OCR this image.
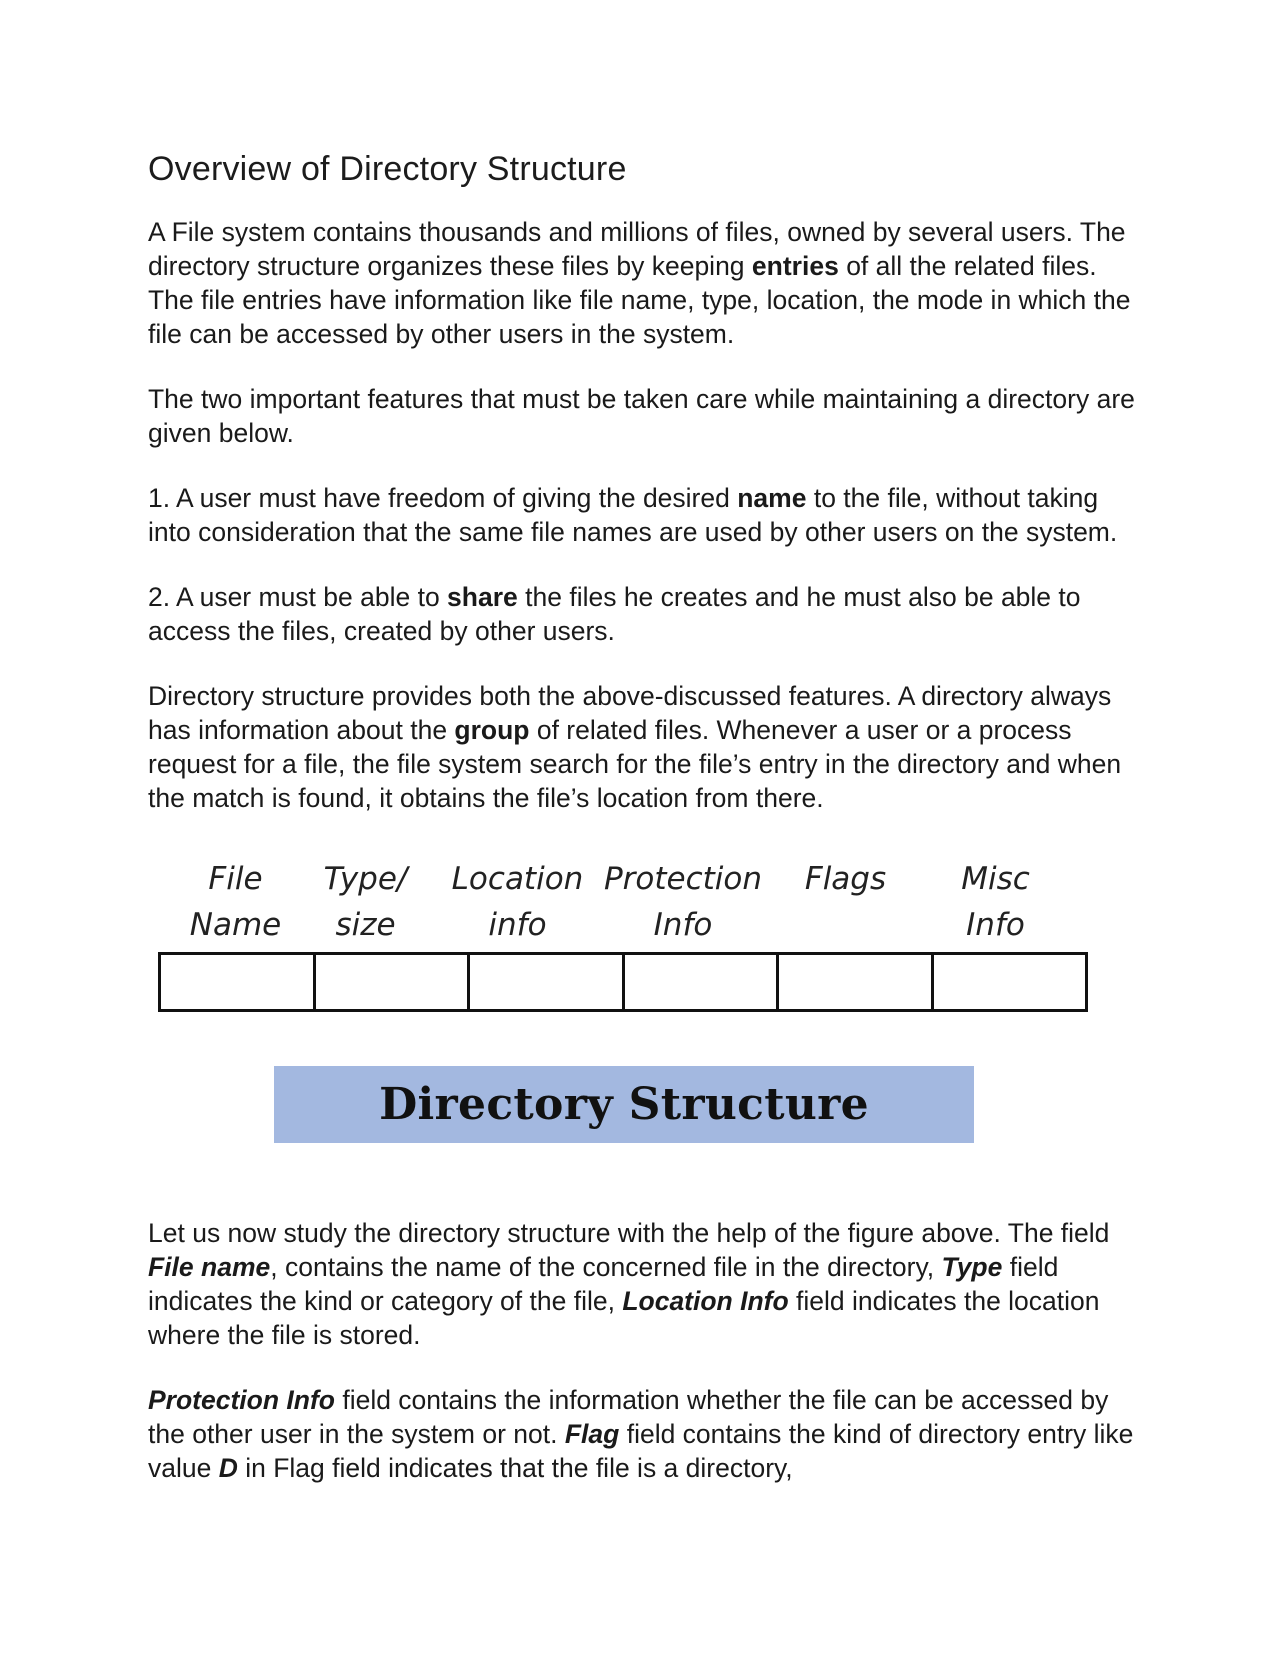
Overview of Directory Structure

A File system contains thousands and millions of files, owned by several users. The directory structure organizes these files by keeping entries of all the related files. The file entries have information like file name, type, location, the mode in which the file can be accessed by other users in the system.

The two important features that must be taken care while maintaining a directory are given below.

1. A user must have freedom of giving the desired name to the file, without taking into consideration that the same file names are used by other users on the system.

2. A user must be able to share the files he creates and he must also be able to access the files, created by other users.

Directory structure provides both the above-discussed features. A directory always has information about the group of related files. Whenever a user or a process request for a file, the file system search for the file’s entry in the directory and when the match is found, it obtains the file’s location from there.

File
Name
Type/
size
Location
info
Protection
Info
Flags	Misc
Info
Directory Structure

Let us now study the directory structure with the help of the figure above. The field File name, contains the name of the concerned file in the directory, Type field indicates the kind or category of the file, Location Info field indicates the location where the file is stored.

Protection Info field contains the information whether the file can be accessed by the other user in the system or not. Flag field contains the kind of directory entry like value D in Flag field indicates that the file is a directory,
